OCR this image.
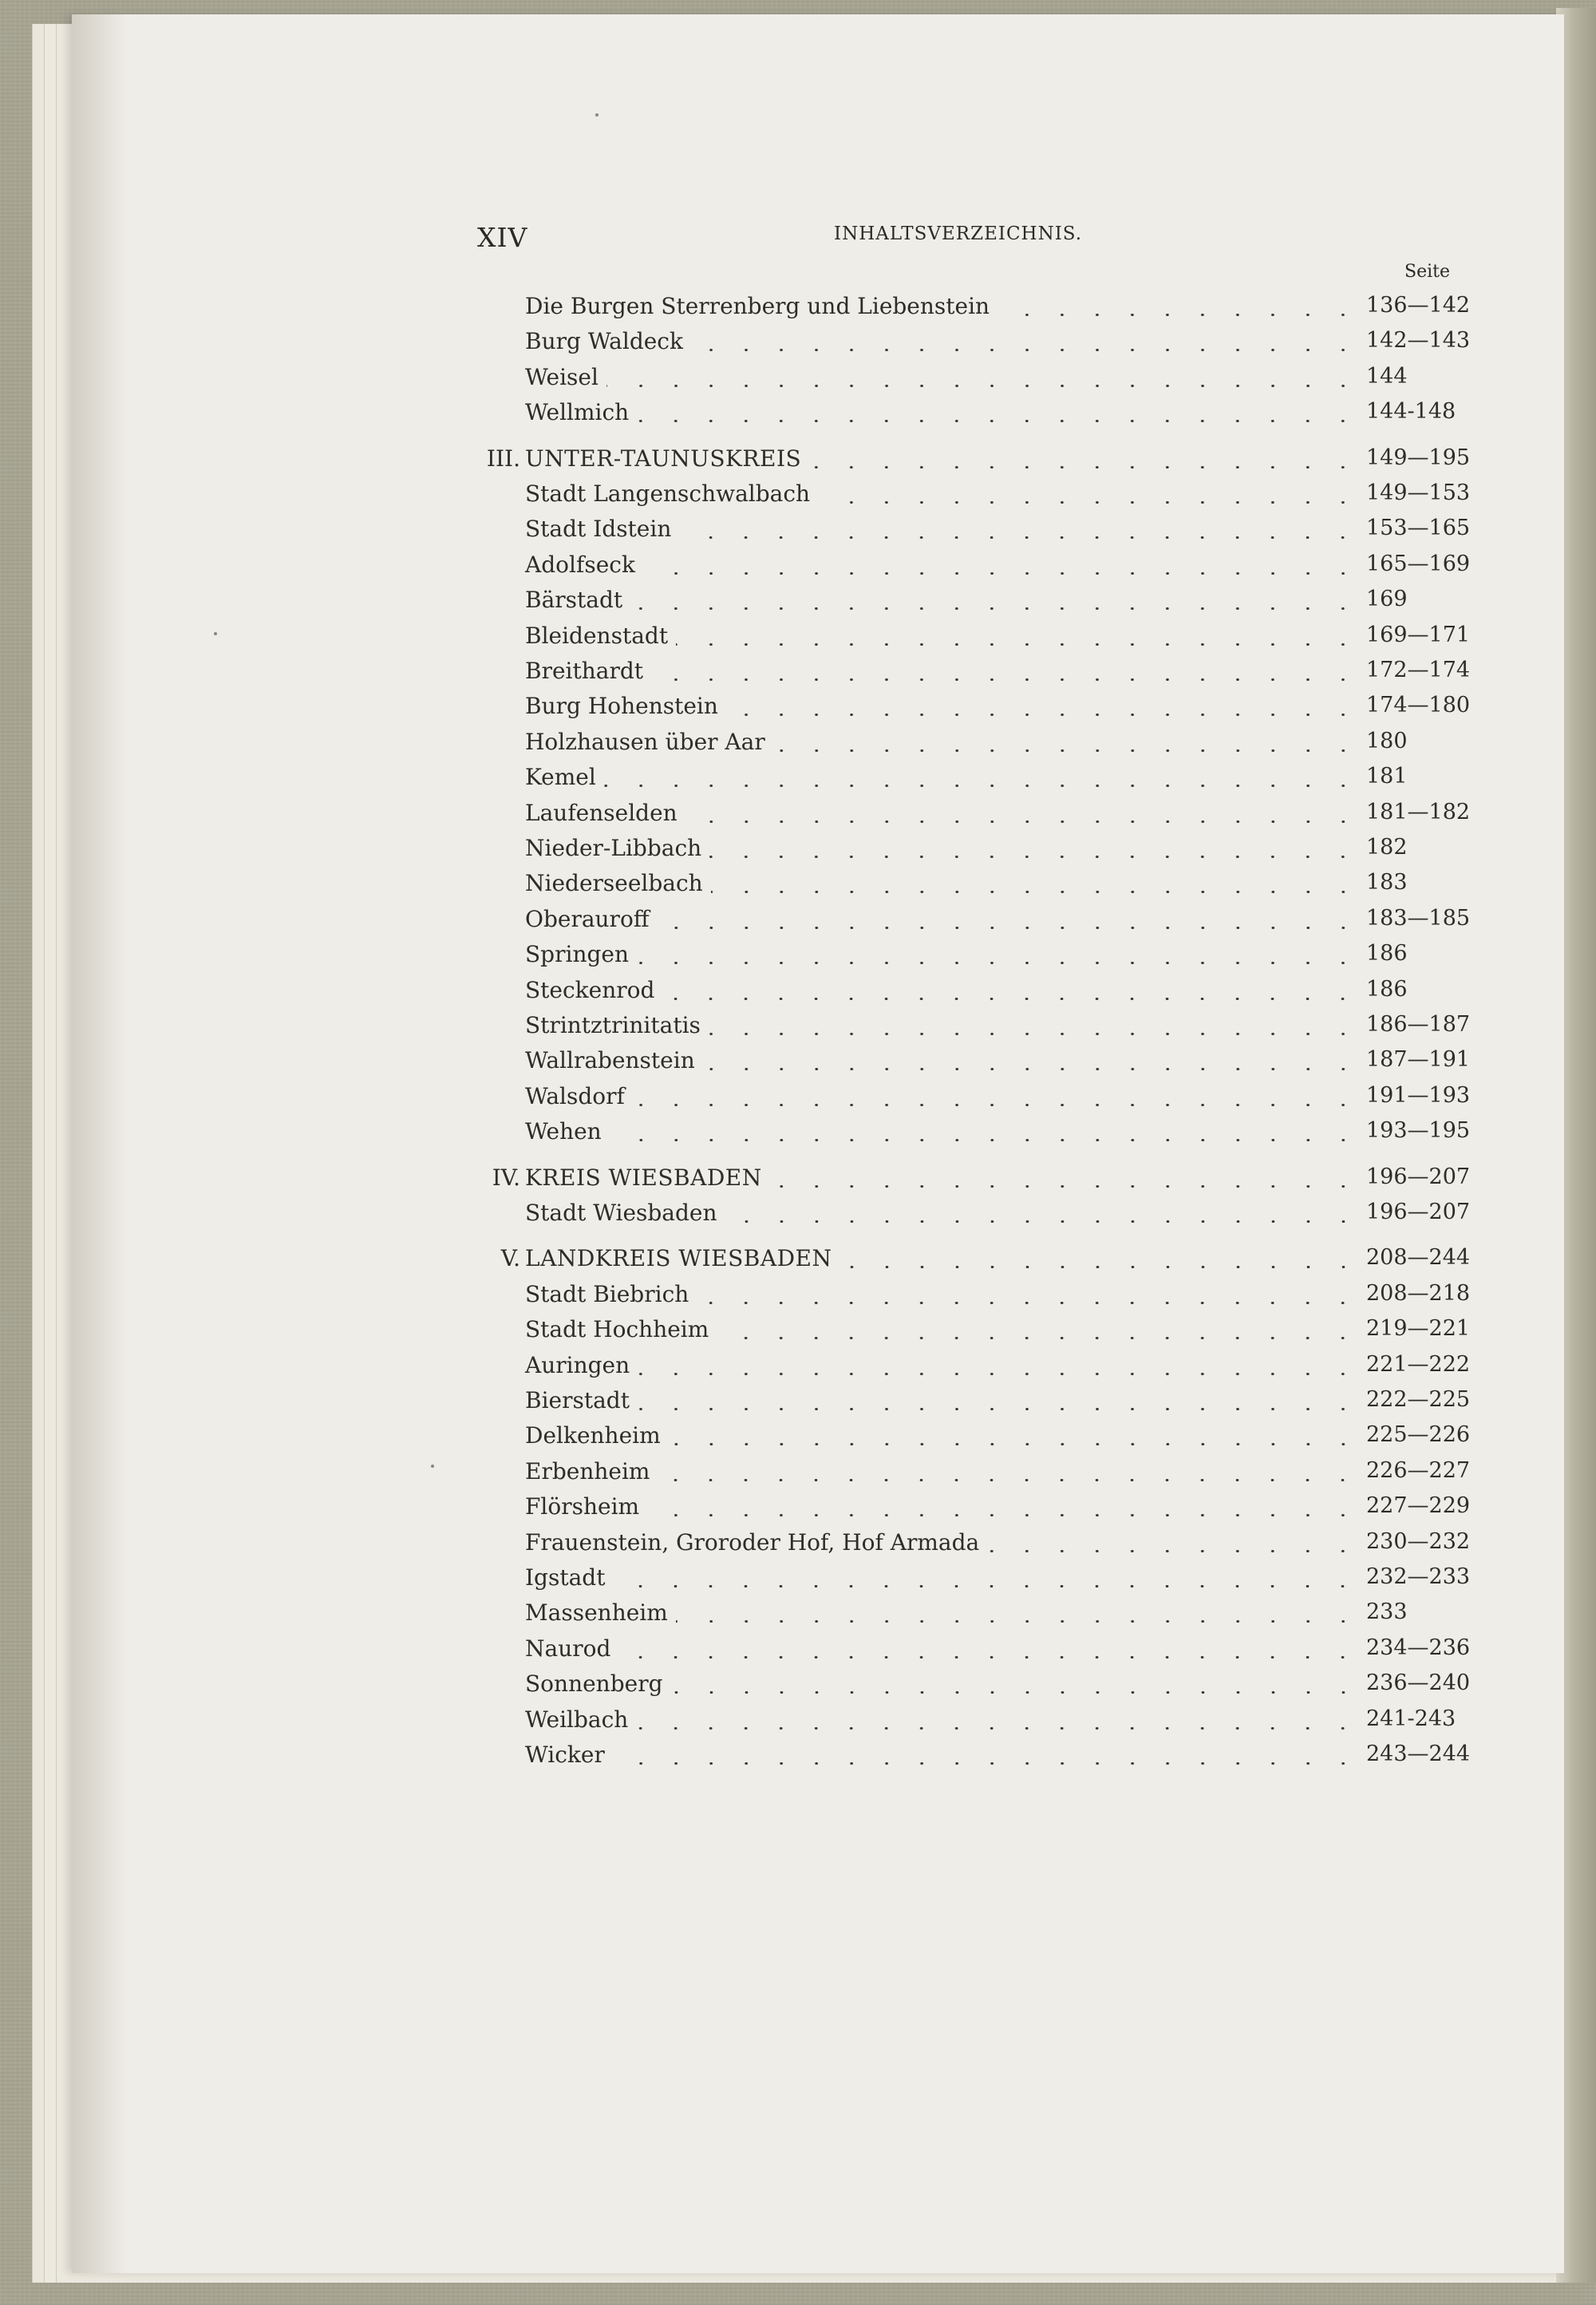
XIV	INHALTSVERZEICHNIS.
Seite
Die Burgen Sterrenberg und Liebenstein	136—142
Burg Waldeck	142—143
Weisel	144
Wellmich	144-148
III. UNTER-TAUNUSKREIS	149—195
Stadt Langenschwalbach	149—153
Stadt Idstein	153—165
Adolfseck	165—169
Bärstadt	169
Bleidenstadt	169—171
Breithardt	172—174
Burg Hohenstein	174—180
Holzhausen über Aar	180
Kemel	181
Laufenselden	181—182
Nieder-Libbach	182
Niederseelbach	183
Oberauroff	183—185
Springen	186
Steckenrod	186
Strintztrinitatis	186—187
Wallrabenstein	187—191
Walsdorf	191—193
Wehen	193—195
IV. KREIS WIESBADEN	196—207
Stadt Wiesbaden	196—207
V. LANDKREIS WIESBADEN	208—244
Stadt Biebrich	208—218
Stadt Hochheim	219—221
Auringen	221—222
Bierstadt	222—225
Delkenheim	225—226
Erbenheim	226—227
Flörsheim	227—229
Frauenstein, Groroder Hof, Hof Armada	230—232
Igstadt	232—233
Massenheim	233
Naurod	234—236
Sonnenberg	236—240
Weilbach	241-243
Wicker	243—244
